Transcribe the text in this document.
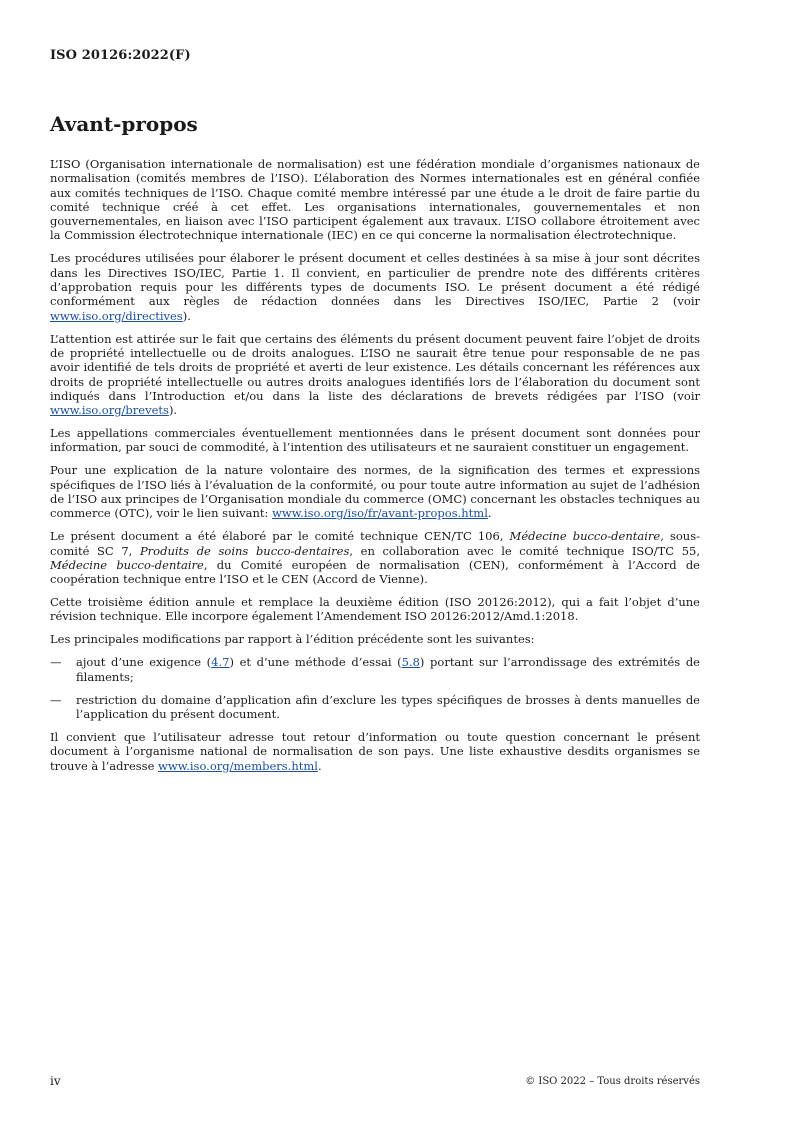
ISO 20126:2022(F)
Avant-propos

L’ISO (Organisation internationale de normalisation) est une fédération mondiale d’organismes nationaux de normalisation (comités membres de l’ISO). L’élaboration des Normes internationales est en général confiée aux comités techniques de l’ISO. Chaque comité membre intéressé par une étude a le droit de faire partie du comité technique créé à cet effet. Les organisations internationales, gouvernementales et non gouvernementales, en liaison avec l’ISO participent également aux travaux. L’ISO collabore étroitement avec la Commission électrotechnique internationale (IEC) en ce qui concerne la normalisation électrotechnique.

Les procédures utilisées pour élaborer le présent document et celles destinées à sa mise à jour sont décrites dans les Directives ISO/IEC, Partie 1. Il convient, en particulier de prendre note des différents critères d’approbation requis pour les différents types de documents ISO. Le présent document a été rédigé conformément aux règles de rédaction données dans les Directives ISO/IEC, Partie 2 (voir www.iso.org/directives).

L’attention est attirée sur le fait que certains des éléments du présent document peuvent faire l’objet de droits de propriété intellectuelle ou de droits analogues. L’ISO ne saurait être tenue pour responsable de ne pas avoir identifié de tels droits de propriété et averti de leur existence. Les détails concernant les références aux droits de propriété intellectuelle ou autres droits analogues identifiés lors de l’élaboration du document sont indiqués dans l’Introduction et/ou dans la liste des déclarations de brevets rédigées par l’ISO (voir www.iso.org/brevets).

Les appellations commerciales éventuellement mentionnées dans le présent document sont données pour information, par souci de commodité, à l’intention des utilisateurs et ne sauraient constituer un engagement.

Pour une explication de la nature volontaire des normes, de la signification des termes et expressions spécifiques de l’ISO liés à l’évaluation de la conformité, ou pour toute autre information au sujet de l’adhésion de l’ISO aux principes de l’Organisation mondiale du commerce (OMC) concernant les obstacles techniques au commerce (OTC), voir le lien suivant: www.iso.org/iso/fr/avant-propos.html.

Le présent document a été élaboré par le comité technique CEN/TC 106, Médecine bucco-dentaire, sous-comité SC 7, Produits de soins bucco-dentaires, en collaboration avec le comité technique ISO/TC 55, Médecine bucco-dentaire, du Comité européen de normalisation (CEN), conformément à l’Accord de coopération technique entre l’ISO et le CEN (Accord de Vienne).

Cette troisième édition annule et remplace la deuxième édition (ISO 20126:2012), qui a fait l’objet d’une révision technique. Elle incorpore également l’Amendement ISO 20126:2012/Amd.1:2018.

Les principales modifications par rapport à l’édition précédente sont les suivantes:

—	ajout d’une exigence (4.7) et d’une méthode d’essai (5.8) portant sur l’arrondissage des extrémités de filaments;
—	restriction du domaine d’application afin d’exclure les types spécifiques de brosses à dents manuelles de l’application du présent document.

Il convient que l’utilisateur adresse tout retour d’information ou toute question concernant le présent document à l’organisme national de normalisation de son pays. Une liste exhaustive desdits organismes se trouve à l’adresse www.iso.org/members.html.

iv	© ISO 2022 – Tous droits réservés
